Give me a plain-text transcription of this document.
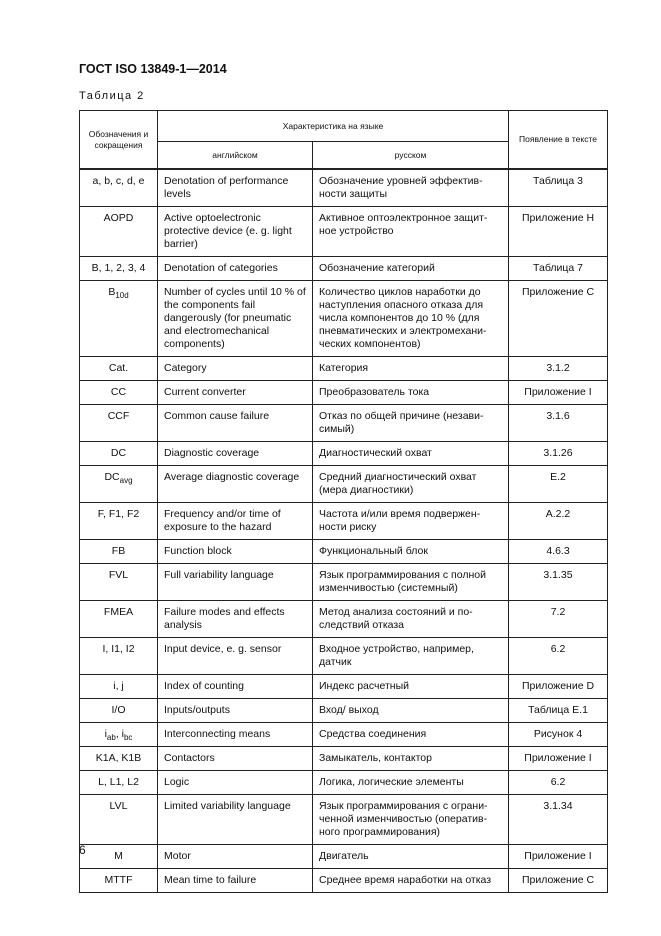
ГОСТ ISO 13849-1—2014
Таблица 2
Обозначения и сокращения	Характеристика на языке		Появление в тексте
	английском	русском	
a, b, c, d, e	Denotation of performance levels	Обозначение уровней эффектив-ности защиты	Таблица 3
AOPD	Active optoelectronic protective device (e. g. light barrier)	Активное оптоэлектронное защит-ное устройство	Приложение H
B, 1, 2, 3, 4	Denotation of categories	Обозначение категорий	Таблица 7
$B_{10d}$	Number of cycles until 10 % of the components fail dangerously (for pneumatic and electromechanical components)	Количество циклов наработки до наступления опасного отказа для числа компонентов до 10 % (для пневматических и электромехани-ческих компонентов)	Приложение С
Cat.	Category	Категория	3.1.2
CC	Current converter	Преобразователь тока	Приложение I
CCF	Common cause failure	Отказ по общей причине (незави-симый)	3.1.6
DC	Diagnostic coverage	Диагностический охват	3.1.26
$DC_{avg}$	Average diagnostic coverage	Средний диагностический охват (мера диагностики)	E.2
F, F1, F2	Frequency and/or time of exposure to the hazard	Частота и/или время подвержен-ности риску	A.2.2
FB	Function block	Функциональный блок	4.6.3
FVL	Full variability language	Язык программирования с полной изменчивостью (системный)	3.1.35
FMEA	Failure modes and effects analysis	Метод анализа состояний и по-следствий отказа	7.2
I, I1, I2	Input device, e. g. sensor	Входное устройство, например, датчик	6.2
i, j	Index of counting	Индекс расчетный	Приложение D
I/O	Inputs/outputs	Вход/ выход	Таблица E.1
$i_{ab}$, $i_{bc}$	Interconnecting means	Средства соединения	Рисунок 4
K1A, K1B	Contactors	Замыкатель, контактор	Приложение I
L, L1, L2	Logic	Логика, логические элементы	6.2
LVL	Limited variability language	Язык программирования с ограни-ченной изменчивостью (оператив-ного программирования)	3.1.34
M	Motor	Двигатель	Приложение I
MTTF	Mean time to failure	Среднее время наработки на отказ	Приложение С
6
